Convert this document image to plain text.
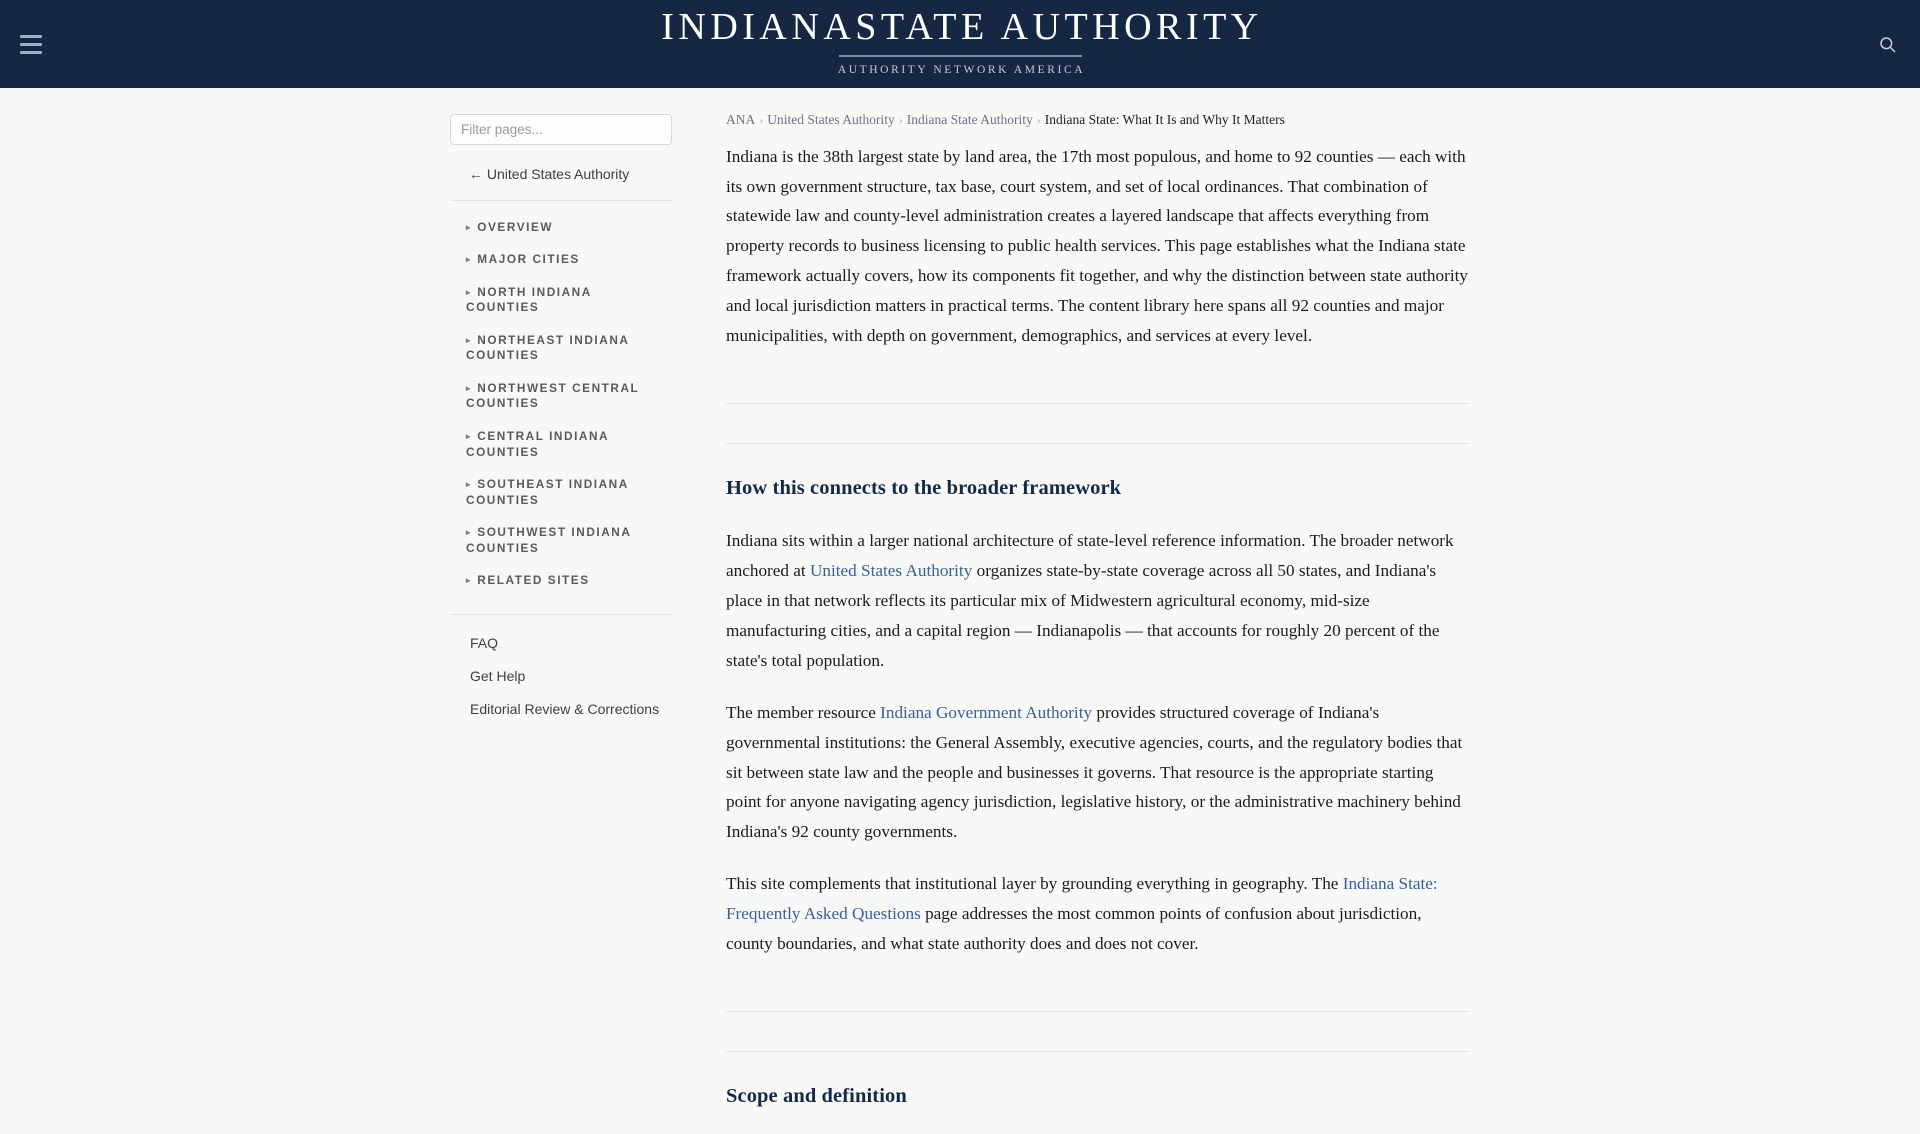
INDIANASTATE AUTHORITY
AUTHORITY NETWORK AMERICA
Filter pages...
← United States Authority
▸ OVERVIEW
▸ MAJOR CITIES
▸ NORTH INDIANA COUNTIES
▸ NORTHEAST INDIANA COUNTIES
▸ NORTHWEST CENTRAL COUNTIES
▸ CENTRAL INDIANA COUNTIES
▸ SOUTHEAST INDIANA COUNTIES
▸ SOUTHWEST INDIANA COUNTIES
▸ RELATED SITES
FAQ
Get Help
Editorial Review & Corrections
ANA › United States Authority › Indiana State Authority › Indiana State: What It Is and Why It Matters

Indiana is the 38th largest state by land area, the 17th most populous, and home to 92 counties — each with its own government structure, tax base, court system, and set of local ordinances. That combination of statewide law and county-level administration creates a layered landscape that affects everything from property records to business licensing to public health services. This page establishes what the Indiana state framework actually covers, how its components fit together, and why the distinction between state authority and local jurisdiction matters in practical terms. The content library here spans all 92 counties and major municipalities, with depth on government, demographics, and services at every level.

How this connects to the broader framework

Indiana sits within a larger national architecture of state-level reference information. The broader network anchored at United States Authority organizes state-by-state coverage across all 50 states, and Indiana's place in that network reflects its particular mix of Midwestern agricultural economy, mid-size manufacturing cities, and a capital region — Indianapolis — that accounts for roughly 20 percent of the state's total population.

The member resource Indiana Government Authority provides structured coverage of Indiana's governmental institutions: the General Assembly, executive agencies, courts, and the regulatory bodies that sit between state law and the people and businesses it governs. That resource is the appropriate starting point for anyone navigating agency jurisdiction, legislative history, or the administrative machinery behind Indiana's 92 county governments.

This site complements that institutional layer by grounding everything in geography. The Indiana State: Frequently Asked Questions page addresses the most common points of confusion about jurisdiction, county boundaries, and what state authority does and does not cover.

Scope and definition
